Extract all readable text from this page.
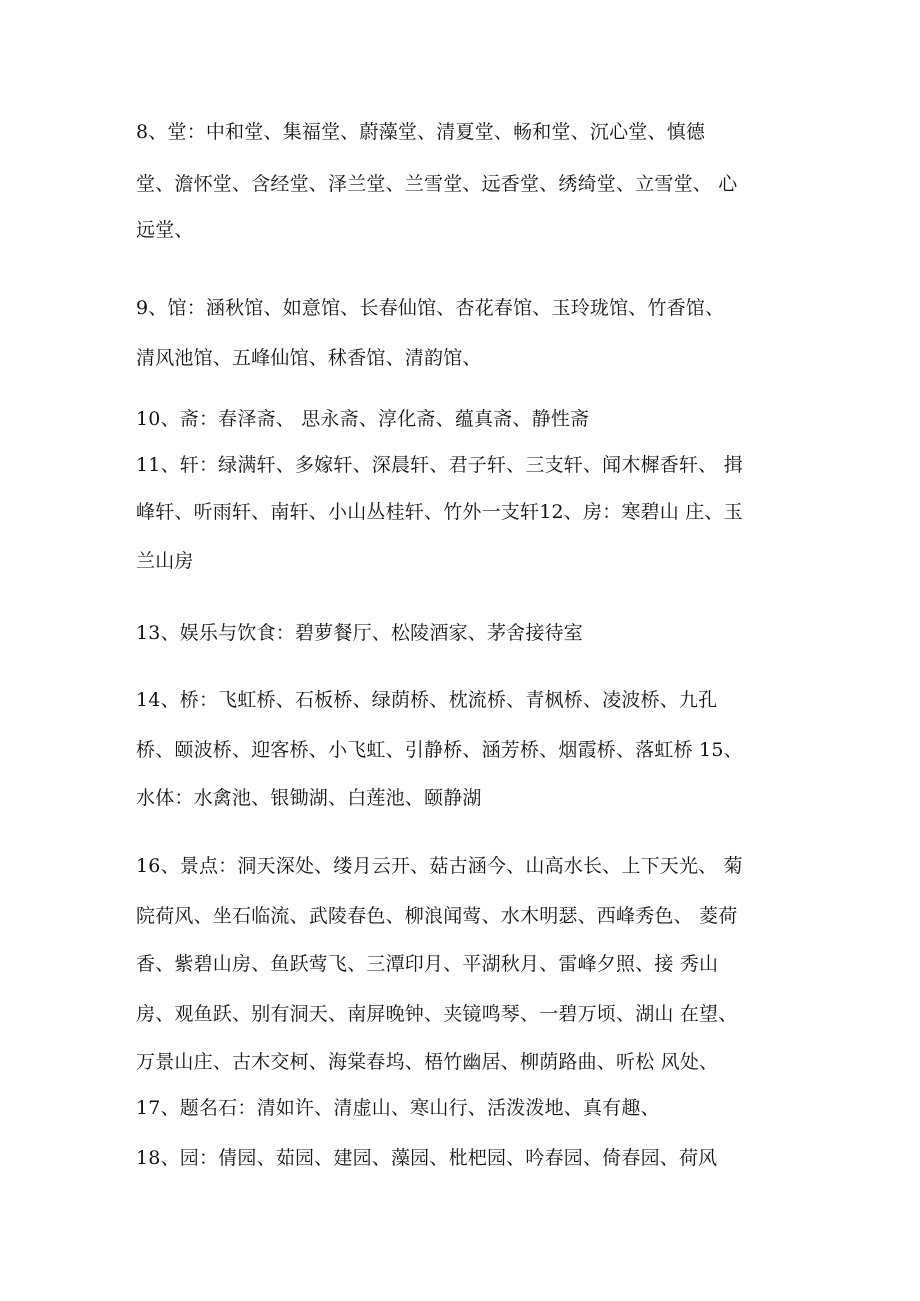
8、堂：中和堂、集福堂、蔚藻堂、清夏堂、畅和堂、沉心堂、慎德
堂、澹怀堂、含经堂、泽兰堂、兰雪堂、远香堂、绣绮堂、立雪堂、 心
远堂、
9、馆：涵秋馆、如意馆、长春仙馆、杏花春馆、玉玲珑馆、竹香馆、
清风池馆、五峰仙馆、秫香馆、清韵馆、
10、斋：春泽斋、 思永斋、淳化斋、蕴真斋、静性斋
11、轩：绿满轩、多嫁轩、深晨轩、君子轩、三支轩、闻木樨香轩、 揖
峰轩、听雨轩、南轩、小山丛桂轩、竹外一支轩12、房：寒碧山 庄、玉
兰山房
13、娱乐与饮食：碧萝餐厅、松陵酒家、茅舍接待室
14、桥：飞虹桥、石板桥、绿荫桥、枕流桥、青枫桥、凌波桥、九孔
桥、颐波桥、迎客桥、小飞虹、引静桥、涵芳桥、烟霞桥、落虹桥 15、
水体：水禽池、银锄湖、白莲池、颐静湖
16、景点：洞天深处、缕月云开、菇古涵今、山高水长、上下天光、 菊
院荷风、坐石临流、武陵春色、柳浪闻莺、水木明瑟、西峰秀色、 菱荷
香、紫碧山房、鱼跃莺飞、三潭印月、平湖秋月、雷峰夕照、接 秀山
房、观鱼跃、别有洞天、南屏晚钟、夹镜鸣琴、一碧万顷、湖山 在望、
万景山庄、古木交柯、海棠春坞、梧竹幽居、柳荫路曲、听松 风处、
17、题名石：清如许、清虚山、寒山行、活泼泼地、真有趣、
18、园：倩园、茹园、建园、藻园、枇杷园、吟春园、倚春园、荷风
